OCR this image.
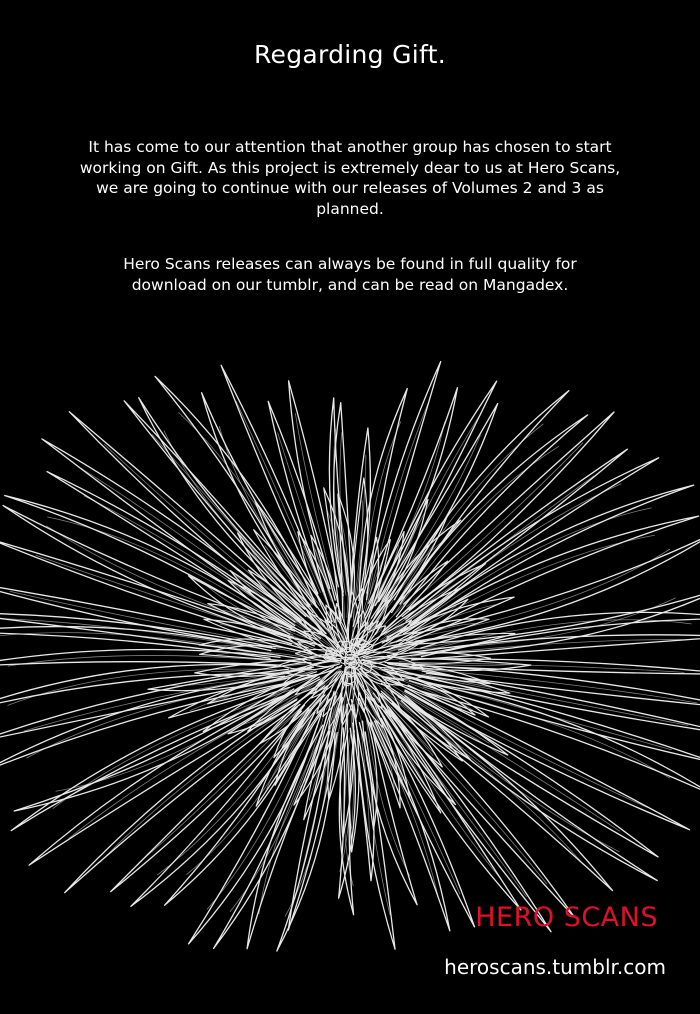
Regarding Gift.
It has come to our attention that another group has chosen to start
working on Gift. As this project is extremely dear to us at Hero Scans,
we are going to continue with our releases of Volumes 2 and 3 as
planned.
Hero Scans releases can always be found in full quality for
download on our tumblr, and can be read on Mangadex.
HERO SCANS
heroscans.tumblr.com
